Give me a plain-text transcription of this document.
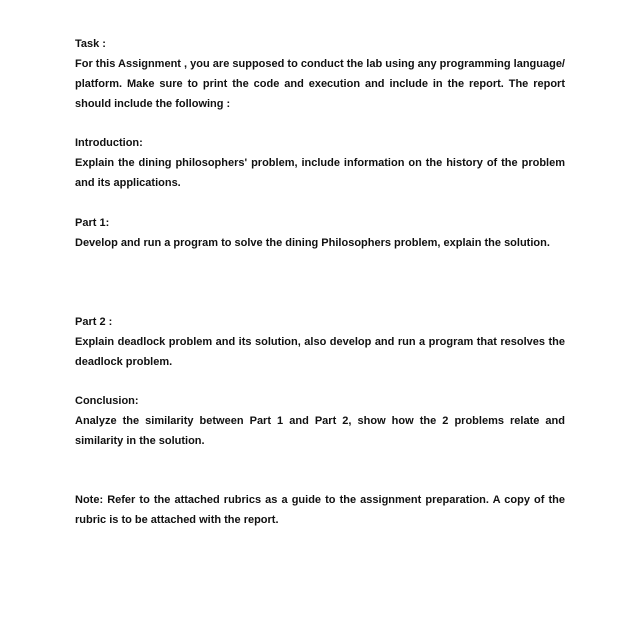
Task :
For this Assignment , you are supposed to conduct the lab using any programming language/ platform. Make sure to print the code and execution and include in the report. The report should include the following :
Introduction:
Explain the dining philosophers' problem, include information on the history of the problem and its applications.
Part 1:
Develop and run a program to solve the dining Philosophers problem, explain the solution.
Part 2 :
Explain deadlock problem and its solution, also develop and run a program that resolves the deadlock problem.
Conclusion:
Analyze the similarity between Part 1 and Part 2, show how the 2 problems relate and similarity in the solution.
Note: Refer to the attached rubrics as a guide to the assignment preparation. A copy of the rubric is to be attached with the report.
